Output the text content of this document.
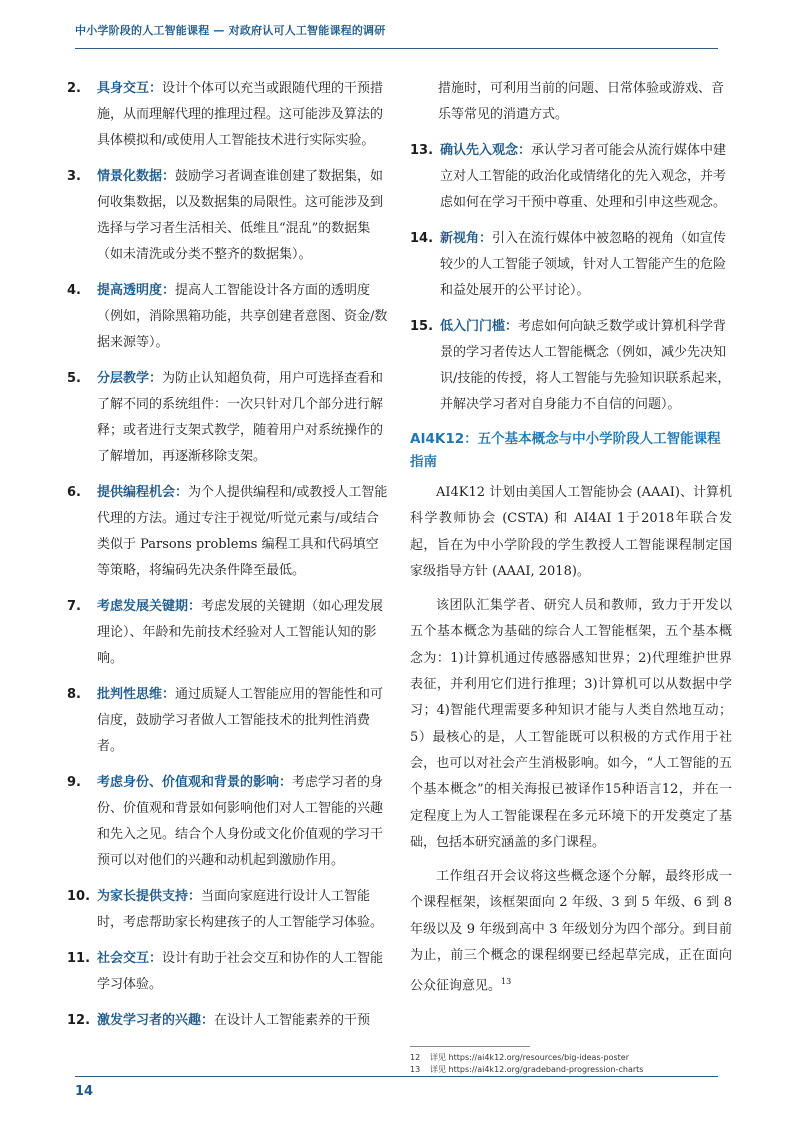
中小学阶段的人工智能课程 — 对政府认可人工智能课程的调研
2.	具身交互：设计个体可以充当或跟随代理的干预措施，从而理解代理的推理过程。这可能涉及算法的具体模拟和/或使用人工智能技术进行实际实验。
3.	情景化数据：鼓励学习者调查谁创建了数据集，如何收集数据，以及数据集的局限性。这可能涉及到选择与学习者生活相关、低维且“混乱”的数据集（如未清洗或分类不整齐的数据集）。
4.	提高透明度：提高人工智能设计各方面的透明度（例如，消除黑箱功能，共享创建者意图、资金/数据来源等）。
5.	分层教学：为防止认知超负荷，用户可选择查看和了解不同的系统组件：一次只针对几个部分进行解释；或者进行支架式教学，随着用户对系统操作的了解增加，再逐渐移除支架。
6.	提供编程机会：为个人提供编程和/或教授人工智能代理的方法。通过专注于视觉/听觉元素与/或结合类似于 Parsons problems 编程工具和代码填空等策略，将编码先决条件降至最低。
7.	考虑发展关键期：考虑发展的关键期（如心理发展理论）、年龄和先前技术经验对人工智能认知的影响。
8.	批判性思维：通过质疑人工智能应用的智能性和可信度，鼓励学习者做人工智能技术的批判性消费者。
9.	考虑身份、价值观和背景的影响：考虑学习者的身份、价值观和背景如何影响他们对人工智能的兴趣和先入之见。结合个人身份或文化价值观的学习干预可以对他们的兴趣和动机起到激励作用。
10. 为家长提供支持：当面向家庭进行设计人工智能时，考虑帮助家长构建孩子的人工智能学习体验。
11. 社会交互：设计有助于社会交互和协作的人工智能学习体验。
12. 激发学习者的兴趣：在设计人工智能素养的干预
措施时，可利用当前的问题、日常体验或游戏、音乐等常见的消遣方式。
13. 确认先入观念：承认学习者可能会从流行媒体中建立对人工智能的政治化或情绪化的先入观念，并考虑如何在学习干预中尊重、处理和引申这些观念。
14. 新视角：引入在流行媒体中被忽略的视角（如宣传较少的人工智能子领域，针对人工智能产生的危险和益处展开的公平讨论）。
15. 低入门门槛：考虑如何向缺乏数学或计算机科学背景的学习者传达人工智能概念（例如，减少先决知识/技能的传授，将人工智能与先验知识联系起来，并解决学习者对自身能力不自信的问题）。
AI4K12：五个基本概念与中小学阶段人工智能课程指南

AI4K12 计划由美国人工智能协会 (AAAI)、计算机科学教师协会 (CSTA) 和 AI4AI 1于2018年联合发起，旨在为中小学阶段的学生教授人工智能课程制定国家级指导方针 (AAAI, 2018)。

该团队汇集学者、研究人员和教师，致力于开发以五个基本概念为基础的综合人工智能框架，五个基本概念为：1)计算机通过传感器感知世界；2)代理维护世界表征，并利用它们进行推理；3)计算机可以从数据中学习；4)智能代理需要多种知识才能与人类自然地互动； 5）最核心的是，人工智能既可以积极的方式作用于社会，也可以对社会产生消极影响。如今，“人工智能的五个基本概念”的相关海报已被译作15种语言12，并在一定程度上为人工智能课程在多元环境下的开发奠定了基础，包括本研究涵盖的多门课程。

工作组召开会议将这些概念逐个分解，最终形成一个课程框架，该框架面向 2 年级、3 到 5 年级、6 到 8 年级以及 9 年级到高中 3 年级划分为四个部分。到目前为止，前三个概念的课程纲要已经起草完成，正在面向公众征询意见。$^{13}$

12 详见 https://ai4k12.org/resources/big-ideas-poster
13 详见 https://ai4k12.org/gradeband-progression-charts
14
